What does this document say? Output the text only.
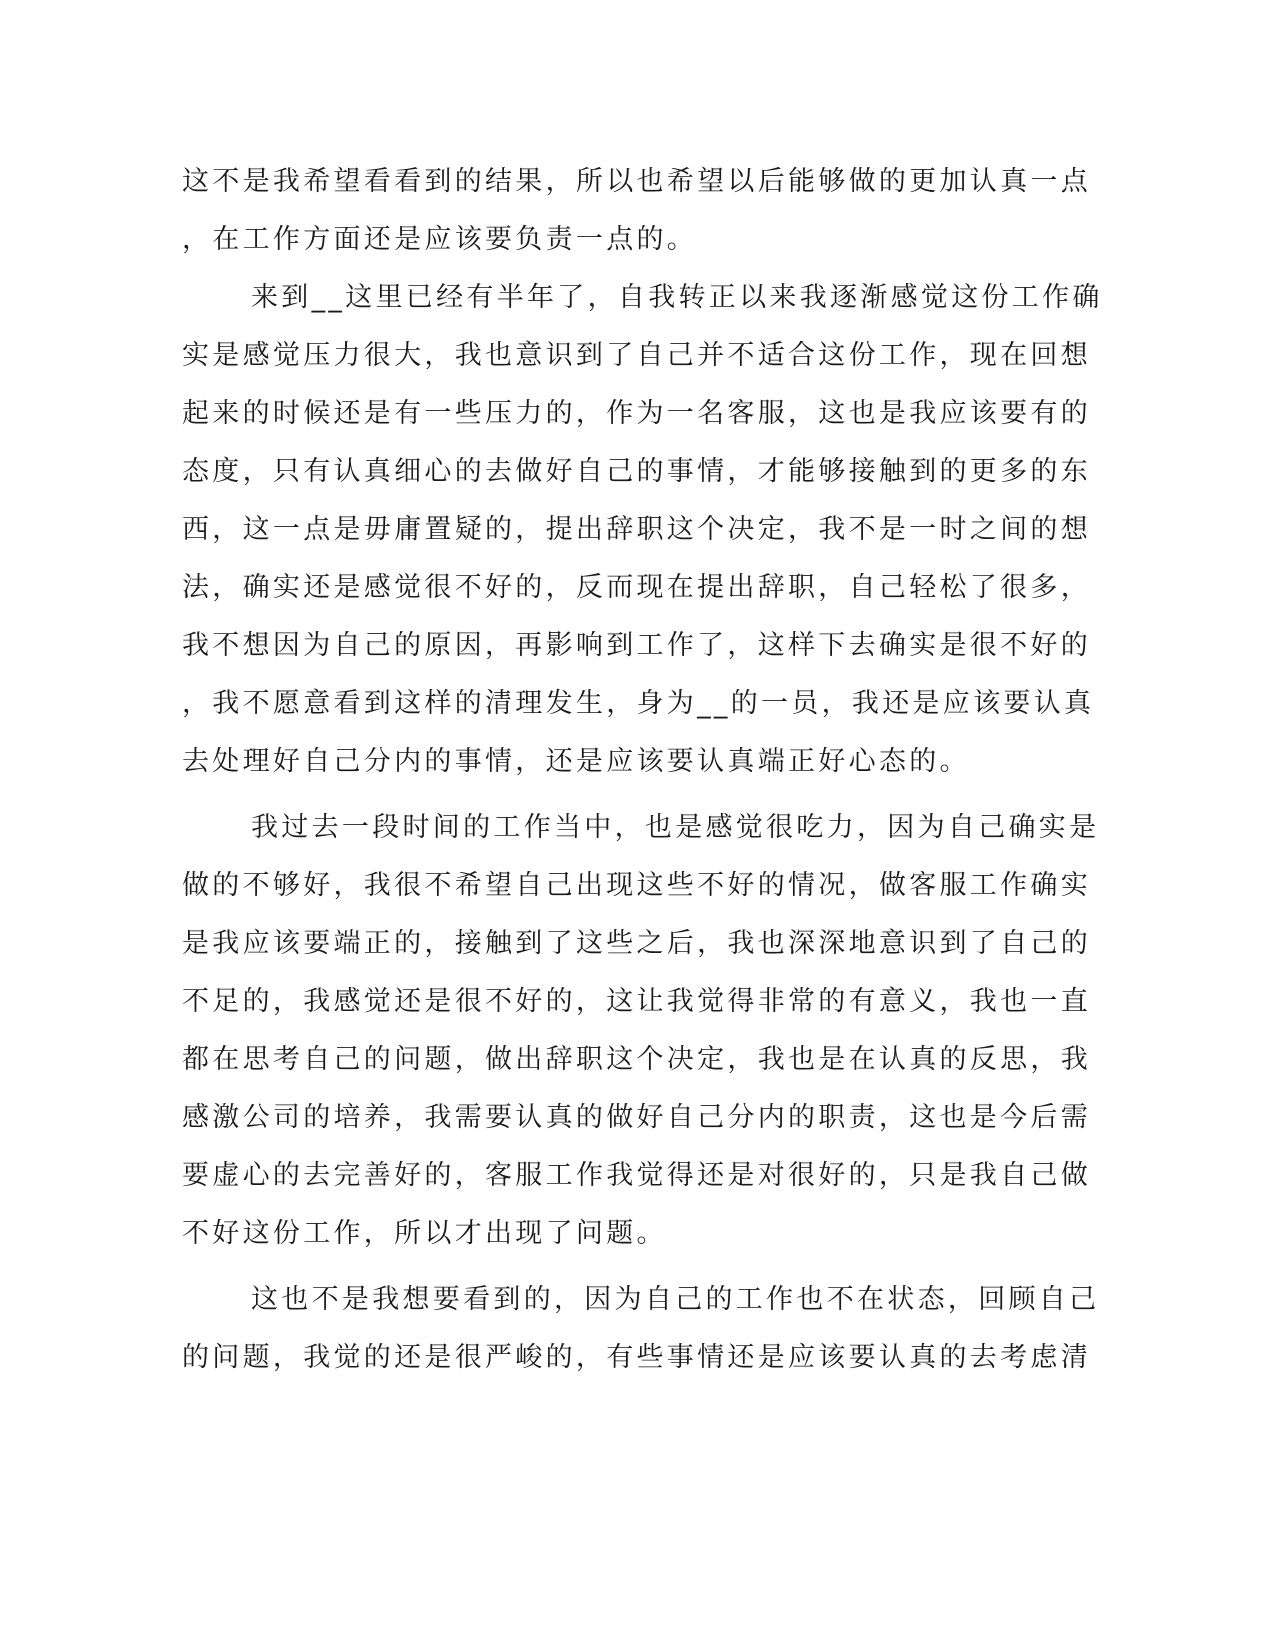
这不是我希望看看到的结果，所以也希望以后能够做的更加认真一点
，在工作方面还是应该要负责一点的。
来到__这里已经有半年了，自我转正以来我逐渐感觉这份工作确
实是感觉压力很大，我也意识到了自己并不适合这份工作，现在回想
起来的时候还是有一些压力的，作为一名客服，这也是我应该要有的
态度，只有认真细心的去做好自己的事情，才能够接触到的更多的东
西，这一点是毋庸置疑的，提出辞职这个决定，我不是一时之间的想
法，确实还是感觉很不好的，反而现在提出辞职，自己轻松了很多，
我不想因为自己的原因，再影响到工作了，这样下去确实是很不好的
，我不愿意看到这样的清理发生，身为__的一员，我还是应该要认真
去处理好自己分内的事情，还是应该要认真端正好心态的。
我过去一段时间的工作当中，也是感觉很吃力，因为自己确实是
做的不够好，我很不希望自己出现这些不好的情况，做客服工作确实
是我应该要端正的，接触到了这些之后，我也深深地意识到了自己的
不足的，我感觉还是很不好的，这让我觉得非常的有意义，我也一直
都在思考自己的问题，做出辞职这个决定，我也是在认真的反思，我
感激公司的培养，我需要认真的做好自己分内的职责，这也是今后需
要虚心的去完善好的，客服工作我觉得还是对很好的，只是我自己做
不好这份工作，所以才出现了问题。
这也不是我想要看到的，因为自己的工作也不在状态，回顾自己
的问题，我觉的还是很严峻的，有些事情还是应该要认真的去考虑清
